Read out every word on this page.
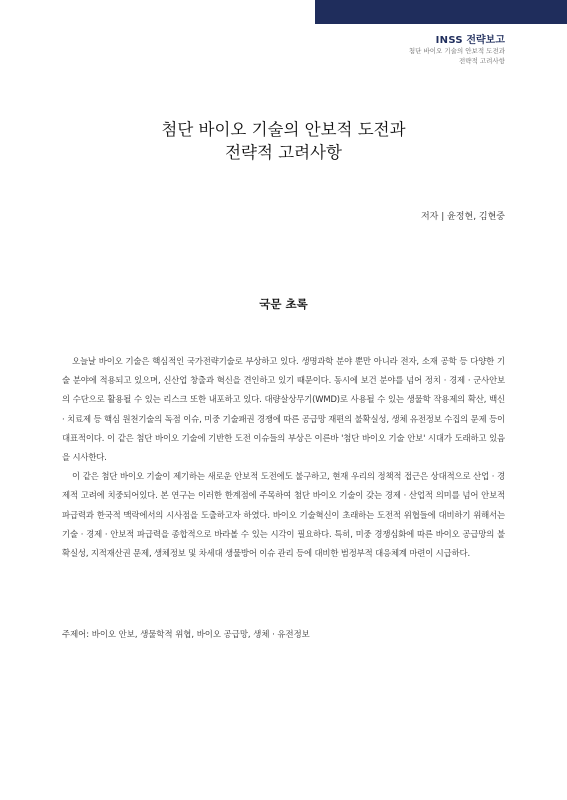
INSS 전략보고
첨단 바이오 기술의 안보적 도전과
전략적 고려사항
첨단 바이오 기술의 안보적 도전과
전략적 고려사항
저자 | 윤정현, 김현중
국문 초록

오늘날 바이오 기술은 핵심적인 국가전략기술로 부상하고 있다. 생명과학 분야 뿐만 아니라 전자, 소재 공학 등 다양한 기술 분야에 적용되고 있으며, 신산업 창출과 혁신을 견인하고 있기 때문이다. 동시에 보건 분야를 넘어 정치 · 경제 · 군사안보의 수단으로 활용될 수 있는 리스크 또한 내포하고 있다. 대량살상무기(WMD)로 사용될 수 있는 생물학 작용제의 확산, 백신 · 치료제 등 핵심 원천기술의 독점 이슈, 미중 기술패권 경쟁에 따른 공급망 재편의 불확실성, 생체 유전정보 수집의 문제 등이 대표적이다. 이 같은 첨단 바이오 기술에 기반한 도전 이슈들의 부상은 이른바 '첨단 바이오 기술 안보' 시대가 도래하고 있음을 시사한다.

이 같은 첨단 바이오 기술이 제기하는 새로운 안보적 도전에도 불구하고, 현재 우리의 정책적 접근은 상대적으로 산업 · 경제적 고려에 치중되어있다. 본 연구는 이러한 한계점에 주목하여 첨단 바이오 기술이 갖는 경제 · 산업적 의미를 넘어 안보적 파급력과 한국적 맥락에서의 시사점을 도출하고자 하였다. 바이오 기술혁신이 초래하는 도전적 위협들에 대비하기 위해서는 기술 · 경제 · 안보적 파급력을 종합적으로 바라볼 수 있는 시각이 필요하다. 특히, 미중 경쟁심화에 따른 바이오 공급망의 불확실성, 지적재산권 문제, 생체정보 및 차세대 생물방어 이슈 관리 등에 대비한 범정부적 대응체계 마련이 시급하다.

주제어: 바이오 안보, 생물학적 위협, 바이오 공급망, 생체 · 유전정보
